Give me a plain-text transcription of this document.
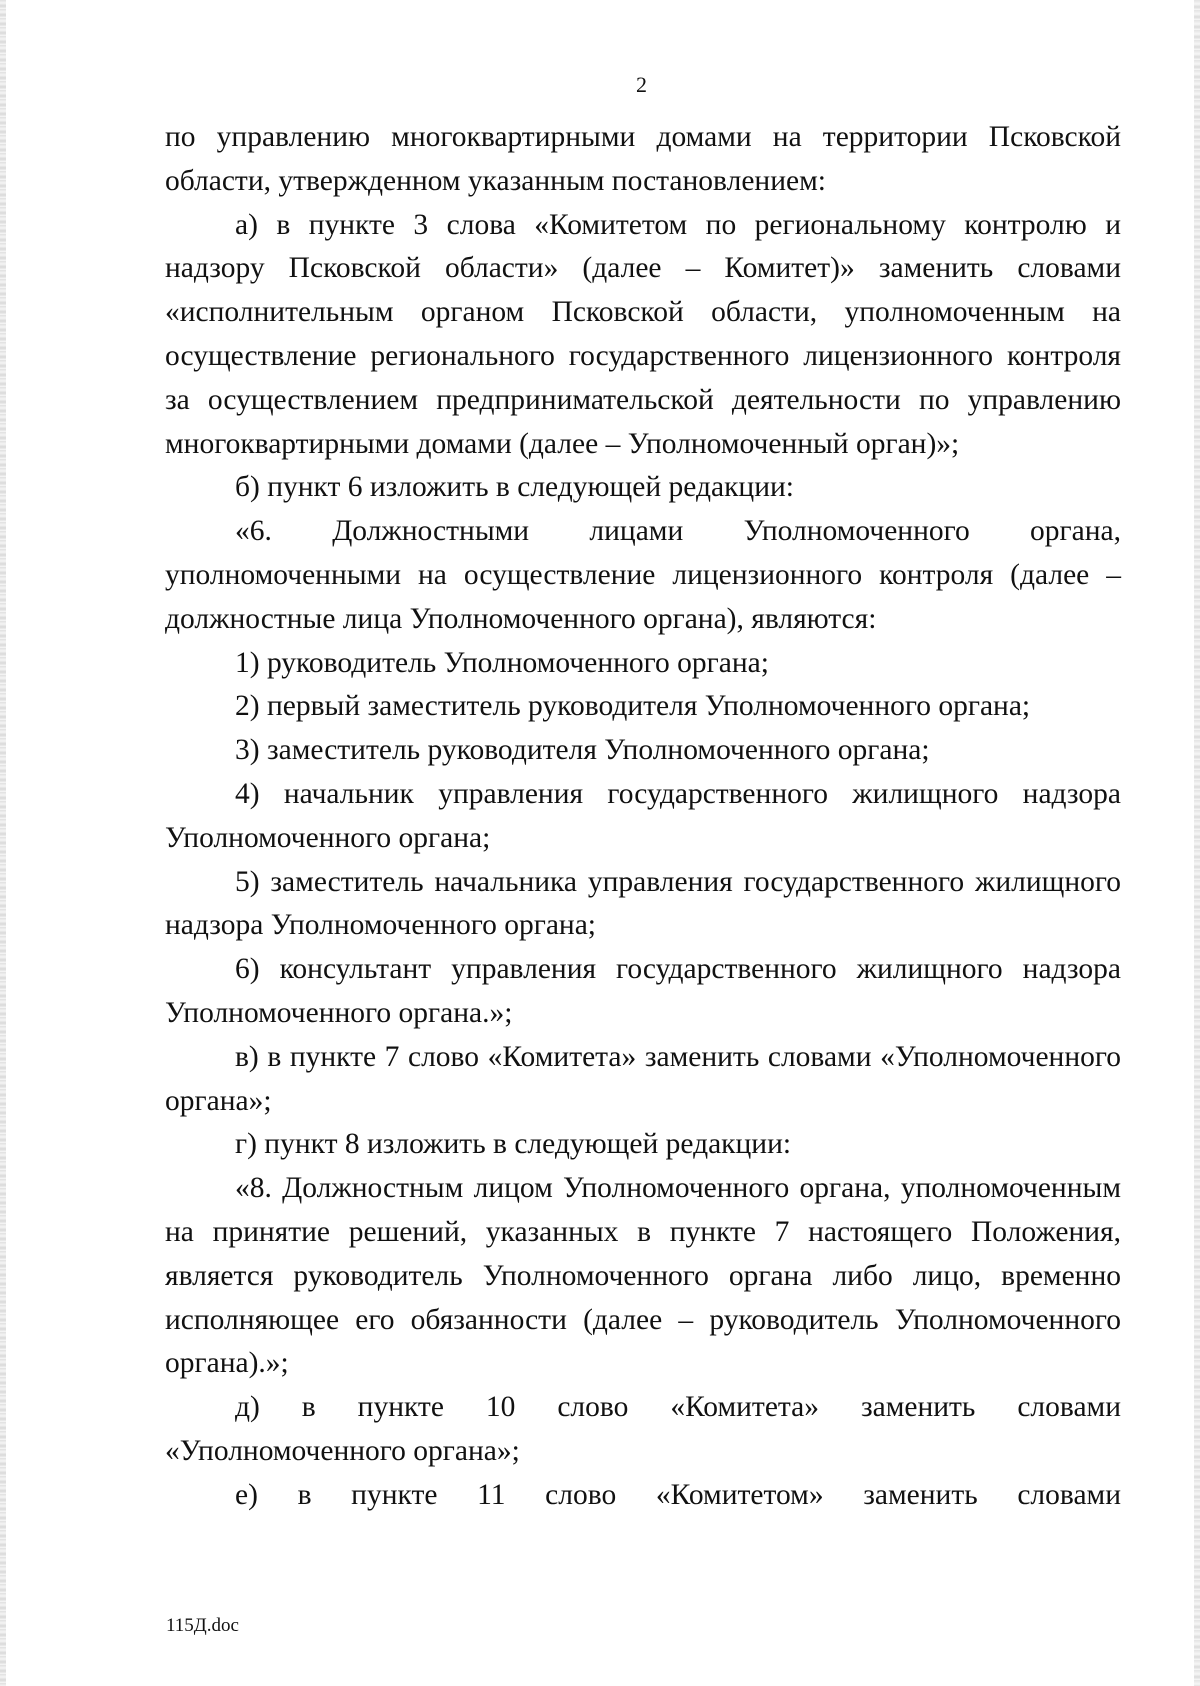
2

по управлению многоквартирными домами на территории Псковской области, утвержденном указанным постановлением:

а) в пункте 3 слова «Комитетом по региональному контролю и надзору Псковской области» (далее – Комитет)» заменить словами «исполнительным органом Псковской области, уполномоченным на осуществление регионального государственного лицензионного контроля за осуществлением предпринимательской деятельности по управлению многоквартирными домами (далее – Уполномоченный орган)»;

б) пункт 6 изложить в следующей редакции:

«6. Должностными лицами Уполномоченного органа, уполномоченными на осуществление лицензионного контроля (далее – должностные лица Уполномоченного органа), являются:

1) руководитель Уполномоченного органа;

2) первый заместитель руководителя Уполномоченного органа;

3) заместитель руководителя Уполномоченного органа;

4) начальник управления государственного жилищного надзора Уполномоченного органа;

5) заместитель начальника управления государственного жилищного надзора Уполномоченного органа;

6) консультант управления государственного жилищного надзора Уполномоченного органа.»;

в) в пункте 7 слово «Комитета» заменить словами «Уполномоченного органа»;

г) пункт 8 изложить в следующей редакции:

«8. Должностным лицом Уполномоченного органа, уполномоченным на принятие решений, указанных в пункте 7 настоящего Положения, является руководитель Уполномоченного органа либо лицо, временно исполняющее его обязанности (далее – руководитель Уполномоченного органа).»;

д) в пункте 10 слово «Комитета» заменить словами «Уполномоченного органа»;

е) в пункте 11 слово «Комитетом» заменить словами

115Д.doc
